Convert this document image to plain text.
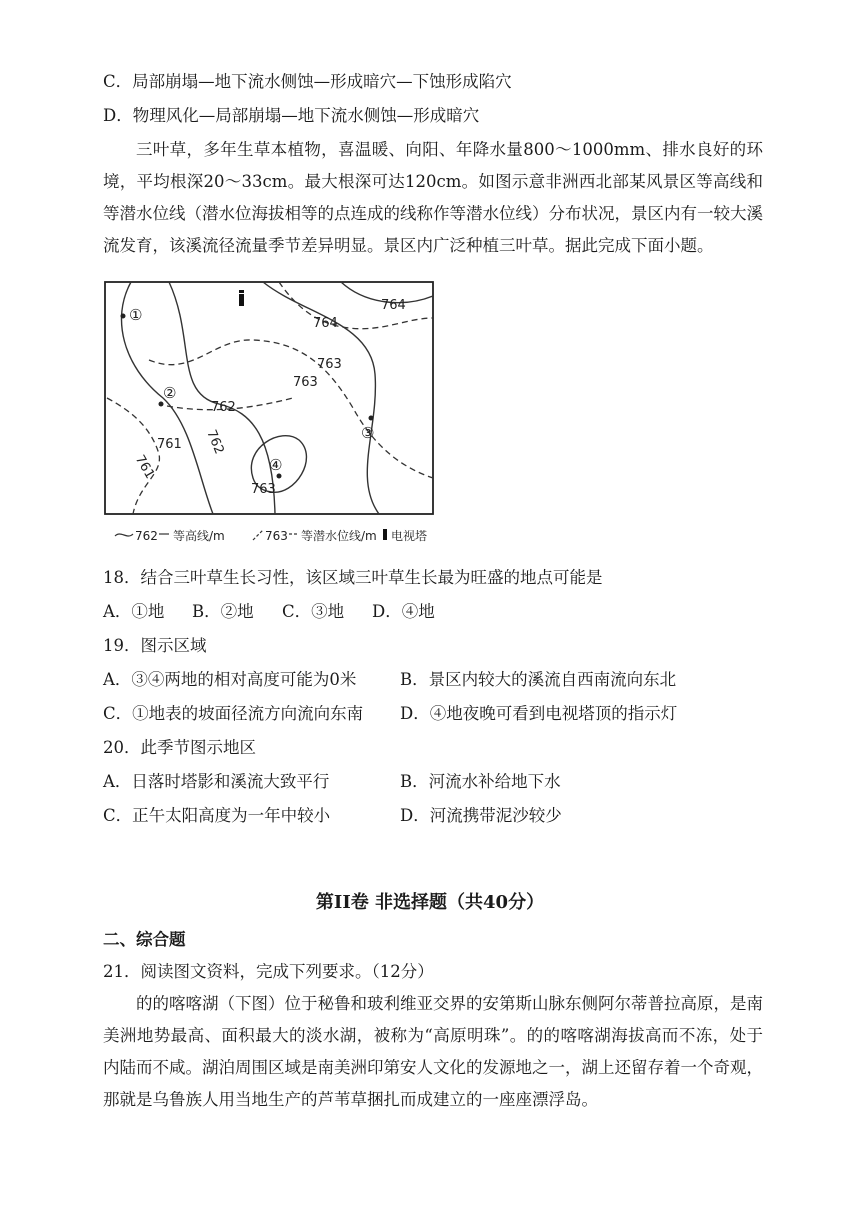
C．局部崩塌—地下流水侧蚀—形成暗穴—下蚀形成陷穴
D．物理风化—局部崩塌—地下流水侧蚀—形成暗穴
三叶草，多年生草本植物，喜温暖、向阳、年降水量800～1000mm、排水良好的环境，平均根深20～33cm。最大根深可达120cm。如图示意非洲西北部某风景区等高线和等潜水位线（潜水位海拔相等的点连成的线称作等潜水位线）分布状况，景区内有一较大溪流发育，该溪流径流量季节差异明显。景区内广泛种植三叶草。据此完成下面小题。
764
764
763
763
762
762
761
761
763
①
②
③
④
762 等高线/m	763 等潜水位线/m 电视塔
18．结合三叶草生长习性，该区域三叶草生长最为旺盛的地点可能是
A．①地 B．②地 C．③地 D．④地
19．图示区域
A．③④两地的相对高度可能为0米	B．景区内较大的溪流自西南流向东北
C．①地表的坡面径流方向流向东南 D．④地夜晚可看到电视塔顶的指示灯
20．此季节图示地区
A．日落时塔影和溪流大致平行	B．河流水补给地下水
C．正午太阳高度为一年中较小	D．河流携带泥沙较少
第II卷 非选择题（共40分）
二、综合题
21．阅读图文资料，完成下列要求。（12分）
的的喀喀湖（下图）位于秘鲁和玻利维亚交界的安第斯山脉东侧阿尔蒂普拉高原，是南美洲地势最高、面积最大的淡水湖，被称为“高原明珠”。的的喀喀湖海拔高而不冻，处于内陆而不咸。湖泊周围区域是南美洲印第安人文化的发源地之一，湖上还留存着一个奇观，那就是乌鲁族人用当地生产的芦苇草捆扎而成建立的一座座漂浮岛。
